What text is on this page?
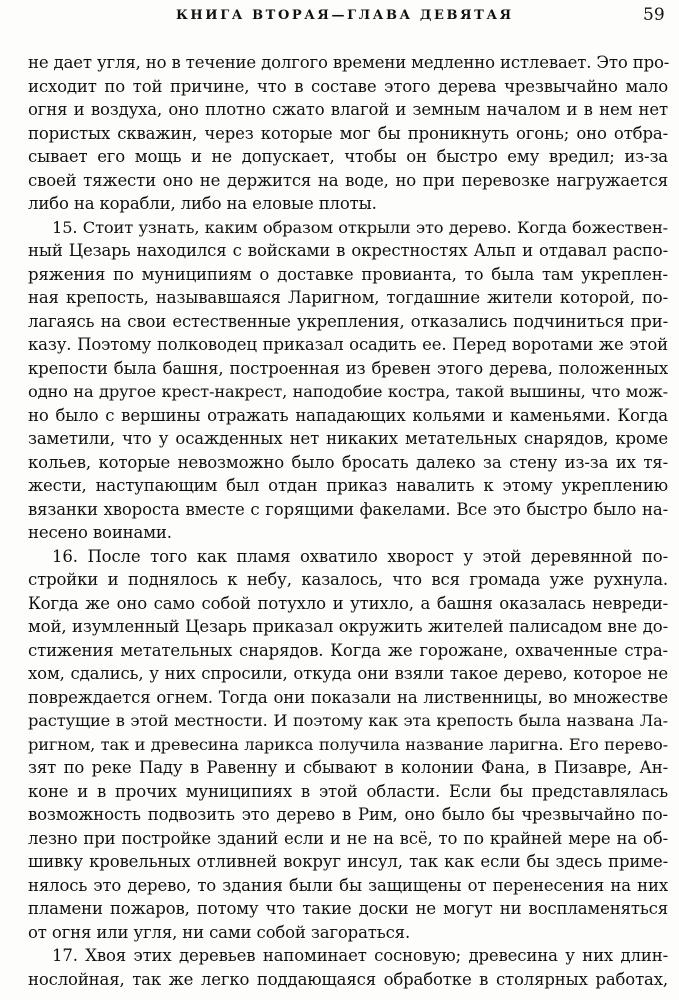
КНИГА ВТОРАЯ—ГЛАВА ДЕВЯТАЯ	59
не дает угля, но в течение долгого времени медленно истлевает. Это про-
исходит по той причине, что в составе этого дерева чрезвычайно мало
огня и воздуха, оно плотно сжато влагой и земным началом и в нем нет
пористых скважин, через которые мог бы проникнуть огонь; оно отбра-
сывает его мощь и не допускает, чтобы он быстро ему вредил; из-за
своей тяжести оно не держится на воде, но при перевозке нагружается
либо на корабли, либо на еловые плоты.
15. Стоит узнать, каким образом открыли это дерево. Когда божествен-
ный Цезарь находился с войсками в окрестностях Альп и отдавал распо-
ряжения по муниципиям о доставке провианта, то была там укреплен-
ная крепость, называвшаяся Ларигном, тогдашние жители которой, по-
лагаясь на свои естественные укрепления, отказались подчиниться при-
казу. Поэтому полководец приказал осадить ее. Перед воротами же этой
крепости была башня, построенная из бревен этого дерева, положенных
одно на другое крест-накрест, наподобие костра, такой вышины, что мож-
но было с вершины отражать нападающих кольями и каменьями. Когда
заметили, что у осажденных нет никаких метательных снарядов, кроме
кольев, которые невозможно было бросать далеко за стену из-за их тя-
жести, наступающим был отдан приказ навалить к этому укреплению
вязанки хвороста вместе с горящими факелами. Все это быстро было на-
несено воинами.
16. После того как пламя охватило хворост у этой деревянной по-
стройки и поднялось к небу, казалось, что вся громада уже рухнула.
Когда же оно само собой потухло и утихло, а башня оказалась невреди-
мой, изумленный Цезарь приказал окружить жителей палисадом вне до-
стижения метательных снарядов. Когда же горожане, охваченные стра-
хом, сдались, у них спросили, откуда они взяли такое дерево, которое не
повреждается огнем. Тогда они показали на лиственницы, во множестве
растущие в этой местности. И поэтому как эта крепость была названа Ла-
ригном, так и древесина ларикса получила название ларигна. Его перево-
зят по реке Паду в Равенну и сбывают в колонии Фана, в Пизавре, Ан-
коне и в прочих муниципиях в этой области. Если бы представлялась
возможность подвозить это дерево в Рим, оно было бы чрезвычайно по-
лезно при постройке зданий если и не на всё, то по крайней мере на об-
шивку кровельных отливней вокруг инсул, так как если бы здесь приме-
нялось это дерево, то здания были бы защищены от перенесения на них
пламени пожаров, потому что такие доски не могут ни воспламеняться
от огня или угля, ни сами собой загораться.
17. Хвоя этих деревьев напоминает сосновую; древесина у них длин-
нослойная, так же легко поддающаяся обработке в столярных работах,
